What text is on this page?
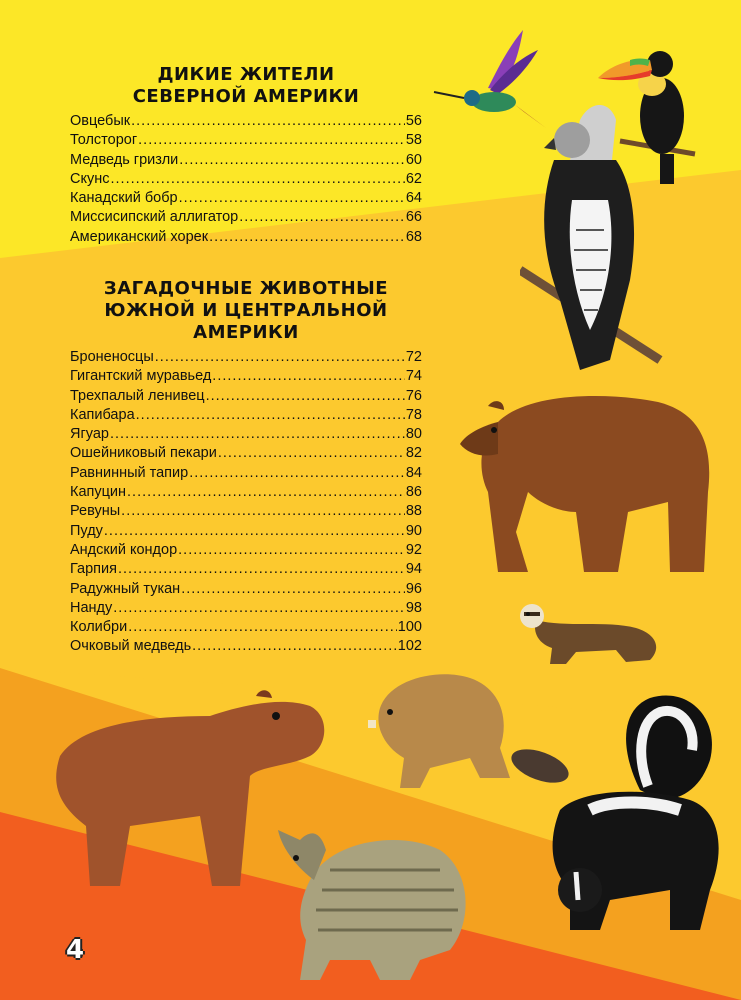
ДИКИЕ ЖИТЕЛИ
СЕВЕРНОЙ АМЕРИКИ
Овцебык .....	56
Толсторог .....	58
Медведь гризли .....	60
Скунс .....	62
Канадский бобр .....	64
Миссисипский аллигатор .....	66
Американский хорек .....	68
ЗАГАДОЧНЫЕ ЖИВОТНЫЕ
ЮЖНОЙ И ЦЕНТРАЛЬНОЙ
АМЕРИКИ
Броненосцы .....	72
Гигантский муравьед .....	74
Трехпалый ленивец .....	76
Капибара .....	78
Ягуар .....	80
Ошейниковый пекари .....	82
Равнинный тапир .....	84
Капуцин .....	86
Ревуны .....	88
Пуду .....	90
Андский кондор .....	92
Гарпия .....	94
Радужный тукан .....	96
Нанду .....	98
Колибри .....	100
Очковый медведь .....	102
4
